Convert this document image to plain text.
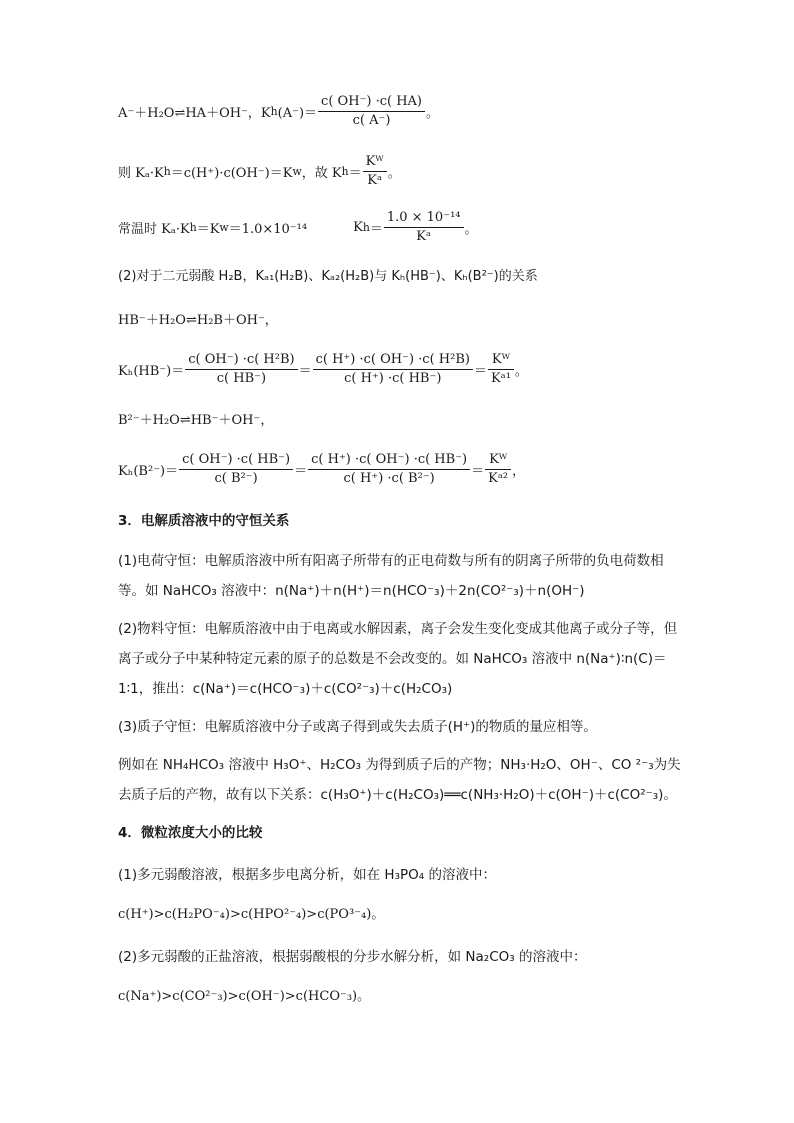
A⁻＋H₂O⇌HA＋OH⁻，K h $(A^-)= \frac{c( OH^-) \cdot c( HA)}{c( A^-)}$ 。
则 Kₐ·K h ＝c(H⁺)·c(OH⁻)＝K w ，故 K $h = \frac{\text{Kᵂ}}{\text{Kᵃ}}$ 。
常温时 Kₐ·K h ＝K w ＝1.0×10⁻¹⁴	K $h = \frac{\text{1.0 × 10⁻¹⁴}}{\text{Kᵃ}}$ 。
(2)对于二元弱酸 H₂B，Kₐ₁(H₂B)、Kₐ₂(H₂B)与 Kₕ(HB⁻)、Kₕ(B²⁻)的关系
HB⁻＋H₂O⇌H₂B＋OH⁻，
$K_h(HB^-)= \frac{\text{c( OH⁻) ·c( H²B)}}{c( HB^-)} = \frac{\text{c( H⁺) ·c( OH⁻) ·c( H²B)}}{c( H^+) \cdot c( HB^-)} = \frac{\text{Kᵂ}}{\text{Kᵃ¹}}$ 。
B²⁻＋H₂O⇌HB⁻＋OH⁻，
$K_h(B^{2-})= \frac{c( OH^-) \cdot c( HB^-)}{\text{c( B²⁻)}} = \frac{c( H^+) \cdot c( OH^-) \cdot c( HB^-)}{\text{c( H⁺) ·c( B²⁻)}} = \frac{\text{Kᵂ}}{\text{Kᵃ²}}$ ，
3．电解质溶液中的守恒关系
(1)电荷守恒：电解质溶液中所有阳离子所带有的正电荷数与所有的阴离子所带的负电荷数相等。如 NaHCO₃ 溶液中：n(Na⁺)＋n(H⁺)＝n(HCO⁻₃)＋2n(CO²⁻₃)＋n(OH⁻)
(2)物料守恒：电解质溶液中由于电离或水解因素，离子会发生变化变成其他离子或分子等，但离子或分子中某种特定元素的原子的总数是不会改变的。如 NaHCO₃ 溶液中 n(Na⁺)∶n(C)＝1∶1，推出：c(Na⁺)＝c(HCO⁻₃)＋c(CO²⁻₃)＋c(H₂CO₃)
(3)质子守恒：电解质溶液中分子或离子得到或失去质子(H⁺)的物质的量应相等。
例如在 NH₄HCO₃ 溶液中 H₃O⁺、H₂CO₃ 为得到质子后的产物；NH₃·H₂O、OH⁻、CO ²⁻₃为失去质子后的产物，故有以下关系：c(H₃O⁺)＋c(H₂CO₃)══c(NH₃·H₂O)＋c(OH⁻)＋c(CO²⁻₃)。
4．微粒浓度大小的比较
(1)多元弱酸溶液，根据多步电离分析，如在 H₃PO₄ 的溶液中：
c(H⁺)>c(H₂PO⁻₄)>c(HPO²⁻₄)>c(PO³⁻₄)。
(2)多元弱酸的正盐溶液，根据弱酸根的分步水解分析，如 Na₂CO₃ 的溶液中：
c(Na⁺)>c(CO²⁻₃)>c(OH⁻)>c(HCO⁻₃)。
